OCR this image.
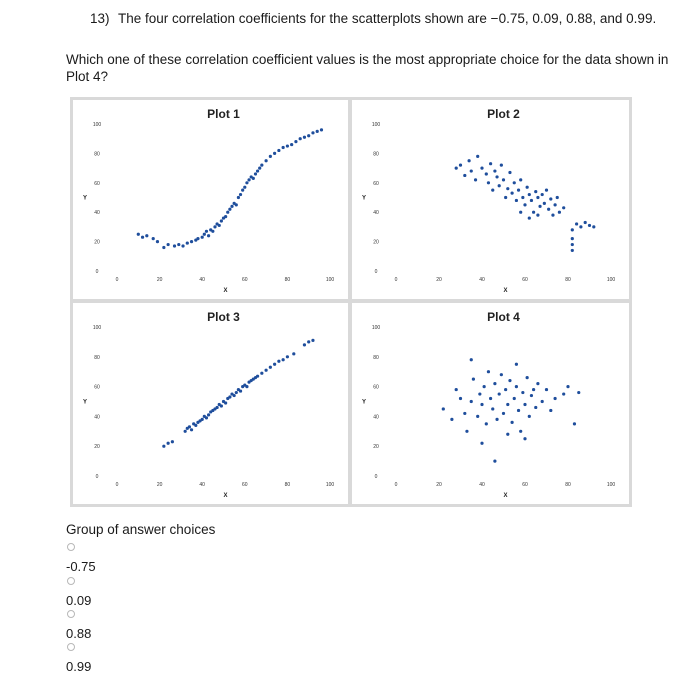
13) The four correlation coefficients for the scatterplots shown are −0.75, 0.09, 0.88, and 0.99.
Which one of these correlation coefficient values is the most appropriate choice for the data shown in Plot 4?
Plot 1
0
20
40
60
80
100
0	20	40	60	80	100
Y
X
Plot 2
0
20
40
60
80
100
0	20	40	60	80	100
Y
X
Plot 3
0
20
40
60
80
100
0	20	40	60	80	100
Y
X
Plot 4
0
20
40
60
80
100
0	20	40	60	80	100
Y
X
Group of answer choices
-0.75
0.09
0.88
0.99
